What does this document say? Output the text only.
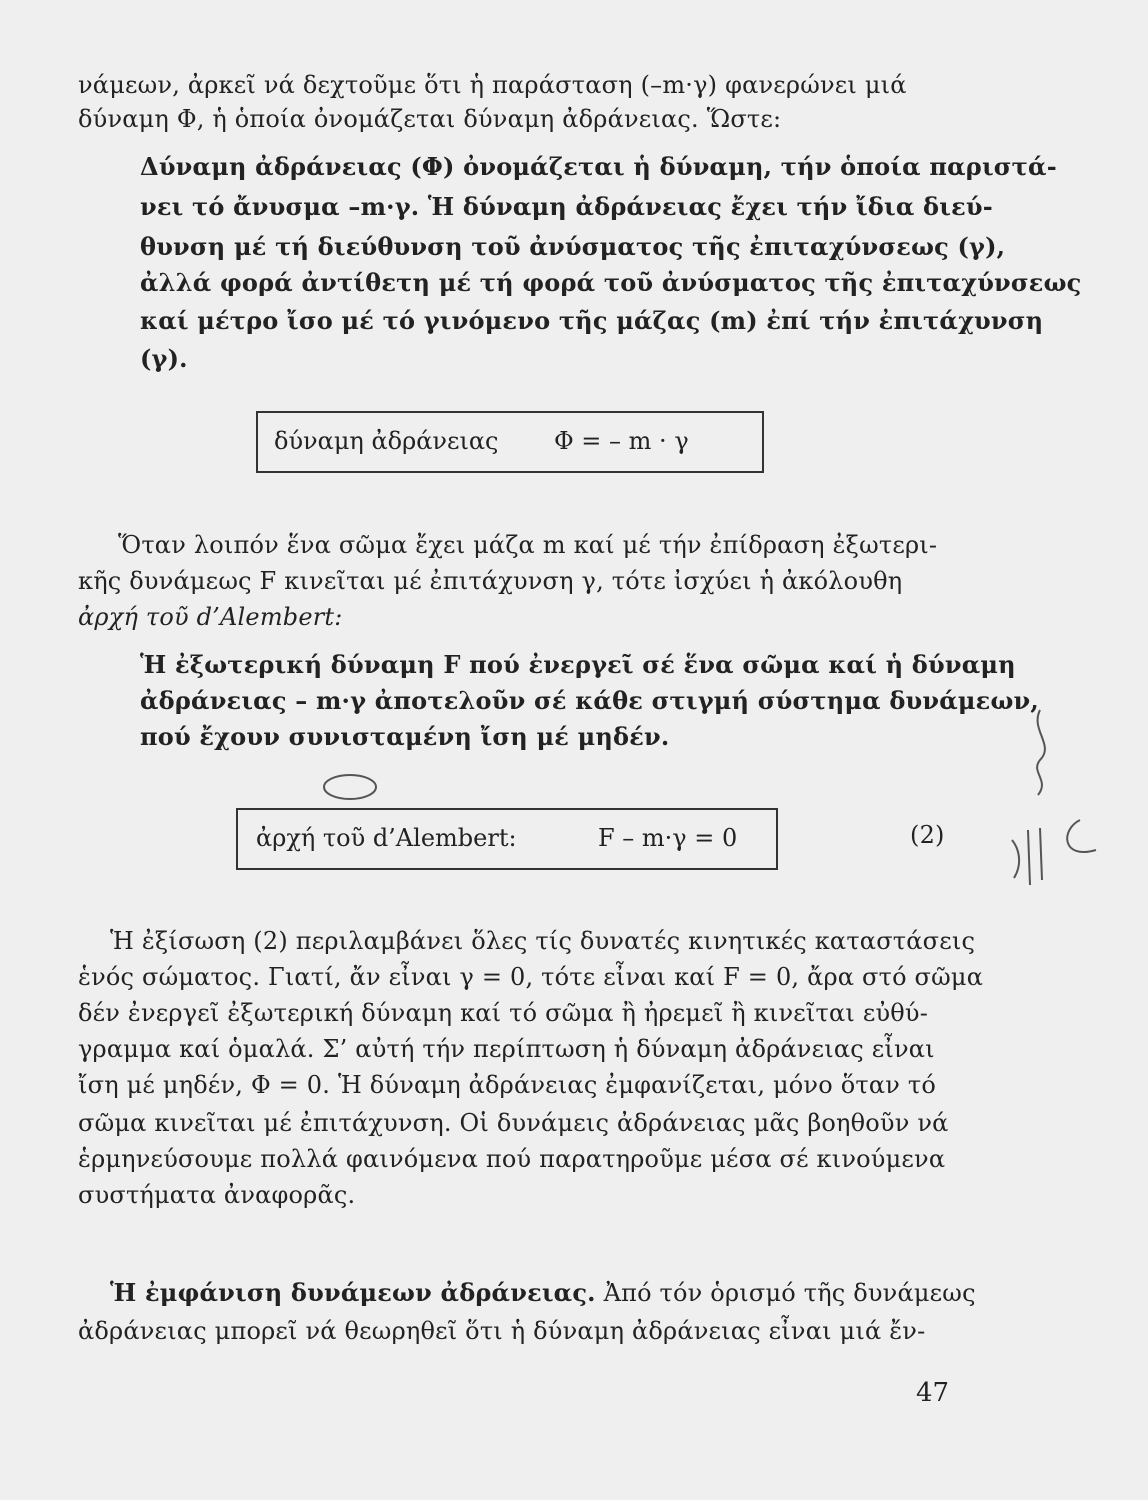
νάμεων, ἀρκεῖ νά δεχτοῦμε ὅτι ἡ παράσταση (–m·γ) φανερώνει μιά
δύναμη Φ, ἡ ὁποία ὀνομάζεται δύναμη ἀδράνειας. Ὥστε:
Δύναμη ἀδράνειας (Φ) ὀνομάζεται ἡ δύναμη, τήν ὁποία παριστά-
νει τό ἄνυσμα –m·γ. Ἡ δύναμη ἀδράνειας ἔχει τήν ἴδια διεύ-
θυνση μέ τή διεύθυνση τοῦ ἀνύσματος τῆς ἐπιταχύνσεως (γ),
ἀλλά φορά ἀντίθετη μέ τή φορά τοῦ ἀνύσματος τῆς ἐπιταχύνσεως
καί μέτρο ἴσο μέ τό γινόμενο τῆς μάζας (m) ἐπί τήν ἐπιτάχυνση
(γ).
δύναμη ἀδράνειας Φ = – m · γ
Ὅταν λοιπόν ἕνα σῶμα ἔχει μάζα m καί μέ τήν ἐπίδραση ἐξωτερι-
κῆς δυνάμεως F κινεῖται μέ ἐπιτάχυνση γ, τότε ἰσχύει ἡ ἀκόλουθη
ἀρχή τοῦ d’Alembert:
Ἡ ἐξωτερική δύναμη F πού ἐνεργεῖ σέ ἕνα σῶμα καί ἡ δύναμη
ἀδράνειας – m·γ ἀποτελοῦν σέ κάθε στιγμή σύστημα δυνάμεων,
πού ἔχουν συνισταμένη ἴση μέ μηδέν.
ἀρχή τοῦ d’Alembert:	F – m·γ = 0	(2)
Ἡ ἐξίσωση (2) περιλαμβάνει ὅλες τίς δυνατές κινητικές καταστάσεις
ἑνός σώματος. Γιατί, ἄν εἶναι γ = 0, τότε εἶναι καί F = 0, ἄρα στό σῶμα
δέν ἐνεργεῖ ἐξωτερική δύναμη καί τό σῶμα ἢ ἠρεμεῖ ἢ κινεῖται εὐθύ-
γραμμα καί ὁμαλά. Σ’ αὐτή τήν περίπτωση ἡ δύναμη ἀδράνειας εἶναι
ἴση μέ μηδέν, Φ = 0. Ἡ δύναμη ἀδράνειας ἐμφανίζεται, μόνο ὅταν τό
σῶμα κινεῖται μέ ἐπιτάχυνση. Οἱ δυνάμεις ἀδράνειας μᾶς βοηθοῦν νά
ἑρμηνεύσουμε πολλά φαινόμενα πού παρατηροῦμε μέσα σέ κινούμενα
συστήματα ἀναφορᾶς.
Ἡ ἐμφάνιση δυνάμεων ἀδράνειας. Ἀπό τόν ὁρισμό τῆς δυνάμεως
ἀδράνειας μπορεῖ νά θεωρηθεῖ ὅτι ἡ δύναμη ἀδράνειας εἶναι μιά ἔν-
47
